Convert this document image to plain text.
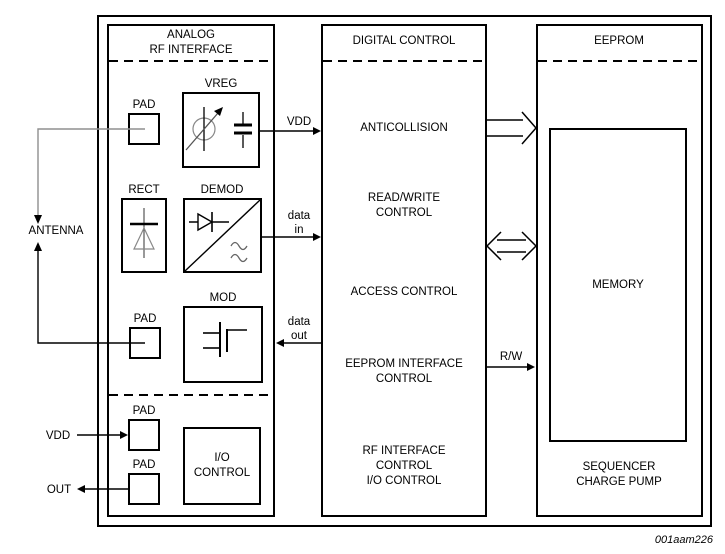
ANALOG
RF INTERFACE
DIGITAL CONTROL	EEPROM
PAD
VREG
RECT	DEMOD
MOD
PAD
PAD
PAD
I/O
CONTROL
ANTICOLLISION
READ/WRITE
CONTROL
ACCESS CONTROL
EEPROM INTERFACE
CONTROL
RF INTERFACE
CONTROL
I/O CONTROL
MEMORY
SEQUENCER
CHARGE PUMP
VDD
data
in
data
out
R/W
ANTENNA
VDD
OUT
001aam226
